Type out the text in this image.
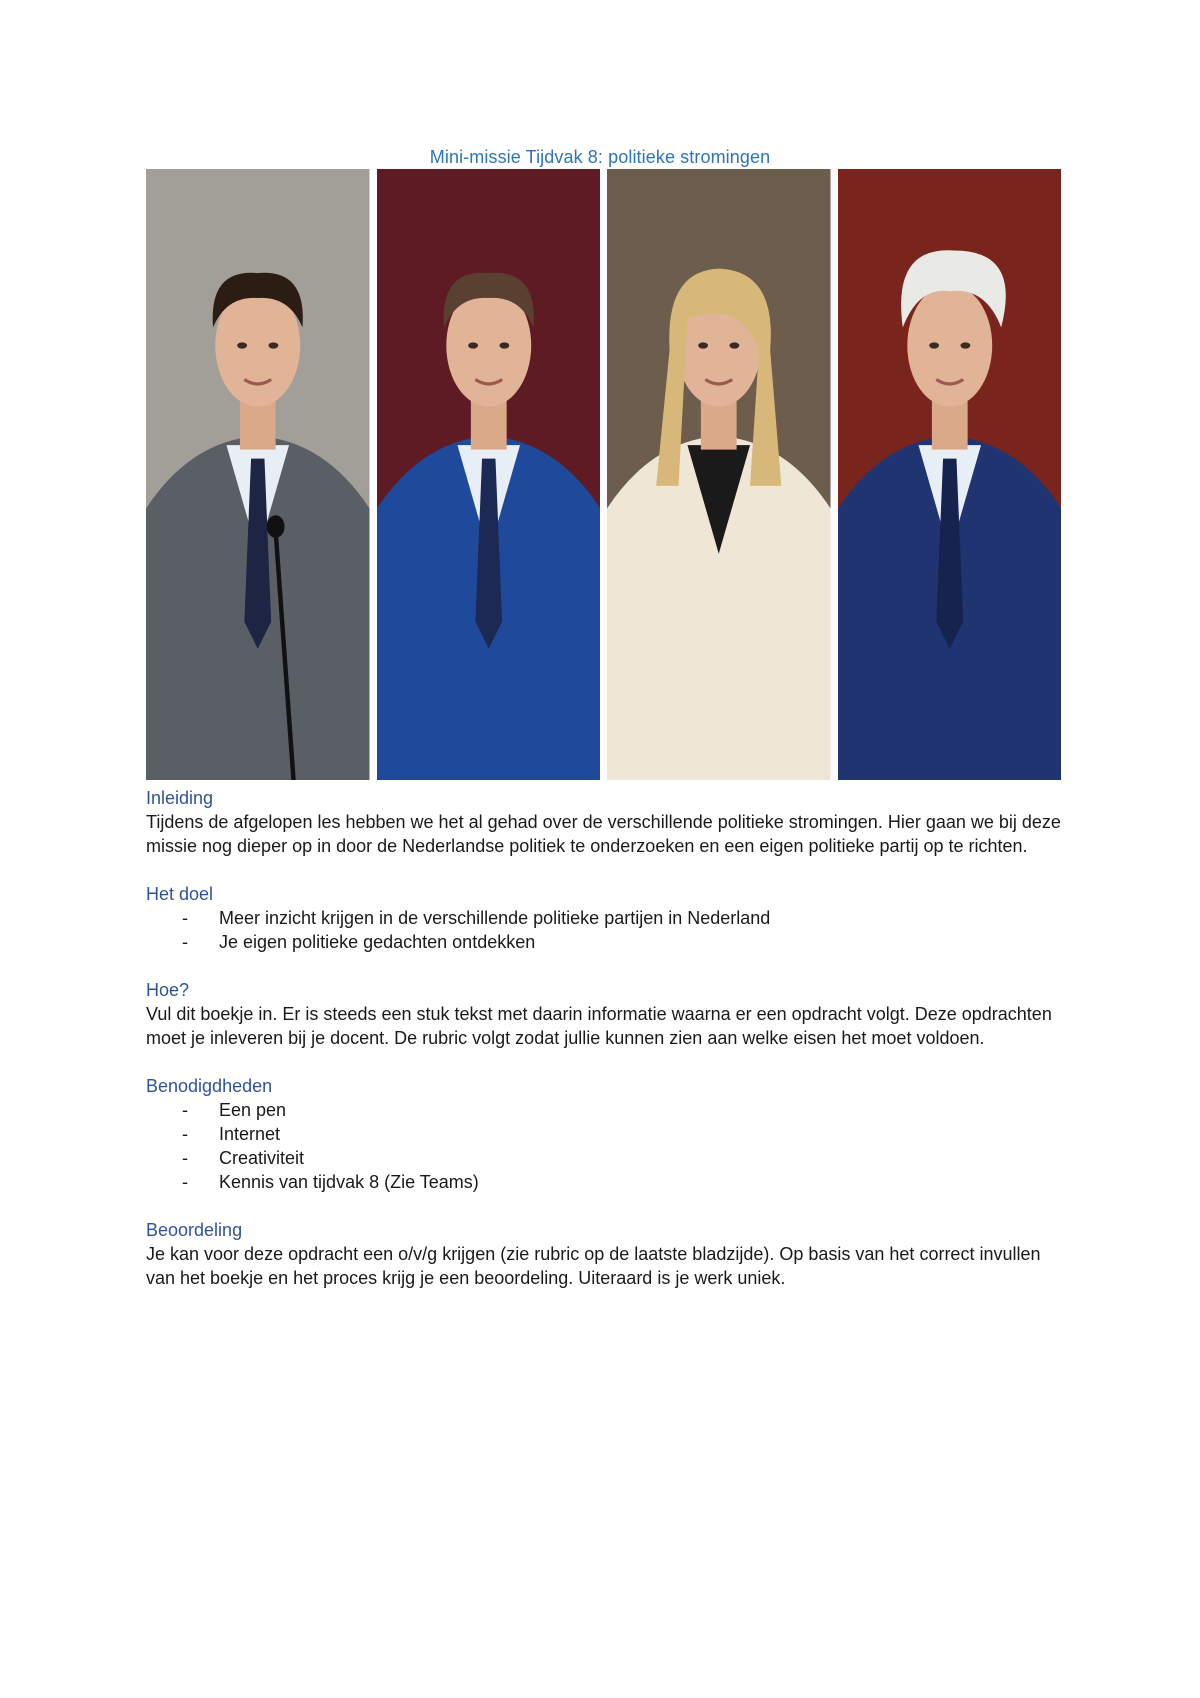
Mini-missie Tijdvak 8: politieke stromingen
Inleiding

Tijdens de afgelopen les hebben we het al gehad over de verschillende politieke stromingen. Hier gaan we bij deze missie nog dieper op in door de Nederlandse politiek te onderzoeken en een eigen politieke partij op te richten.

Het doel
- Meer inzicht krijgen in de verschillende politieke partijen in Nederland
- Je eigen politieke gedachten ontdekken
Hoe?

Vul dit boekje in. Er is steeds een stuk tekst met daarin informatie waarna er een opdracht volgt. Deze opdrachten moet je inleveren bij je docent. De rubric volgt zodat jullie kunnen zien aan welke eisen het moet voldoen.

Benodigdheden
- Een pen
- Internet
- Creativiteit
- Kennis van tijdvak 8 (Zie Teams)
Beoordeling

Je kan voor deze opdracht een o/v/g krijgen (zie rubric op de laatste bladzijde). Op basis van het correct invullen van het boekje en het proces krijg je een beoordeling. Uiteraard is je werk uniek.
